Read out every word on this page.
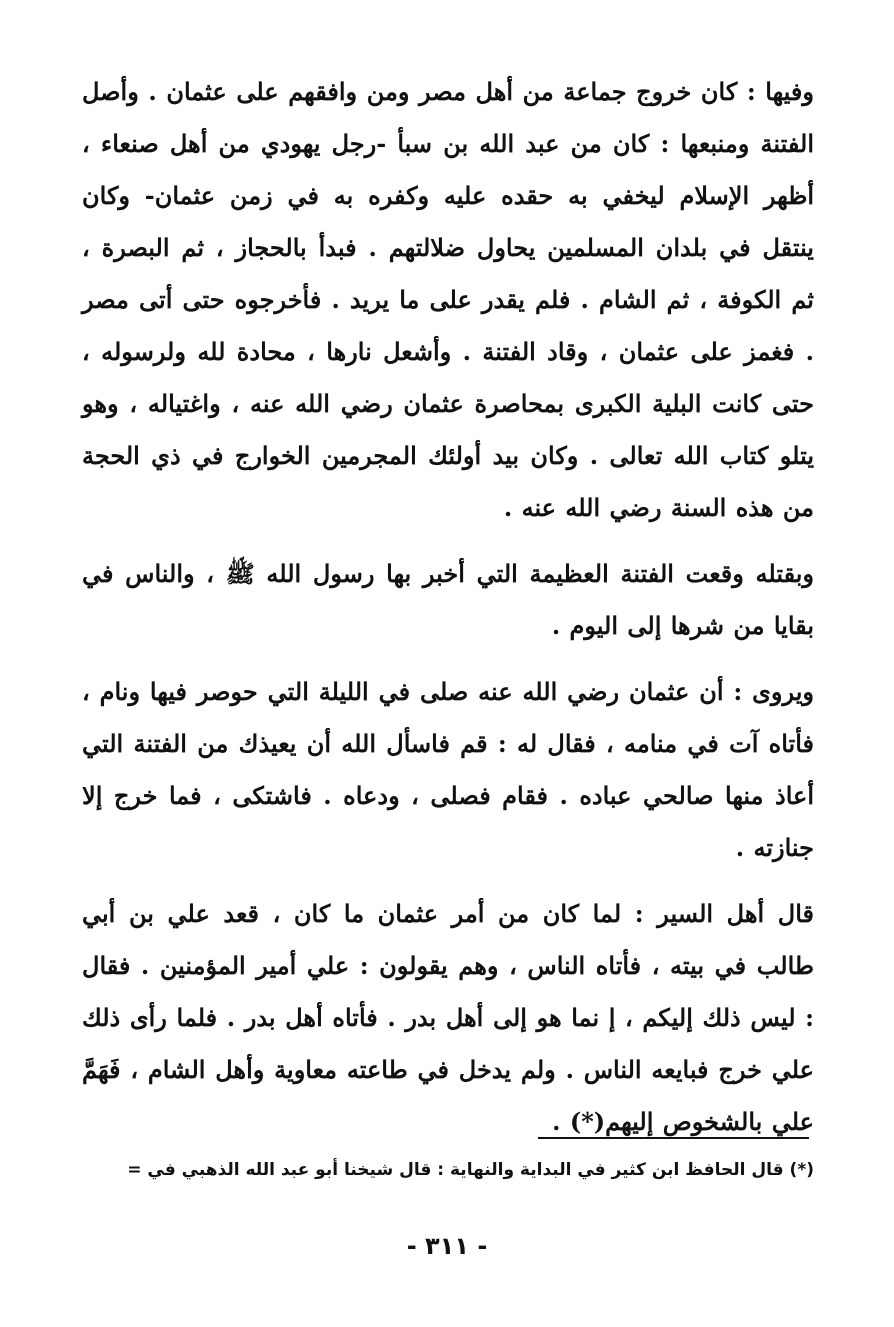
وفيها : كان خروج جماعة من أهل مصر ومن وافقهم على عثمان . وأصل الفتنة ومنبعها : كان من عبد الله بن سبأ -رجل يهودي من أهل صنعاء ، أظهر الإسلام ليخفي به حقده عليه وكفره به في زمن عثمان- وكان ينتقل في بلدان المسلمين يحاول ضلالتهم . فبدأ بالحجاز ، ثم البصرة ، ثم الكوفة ، ثم الشام . فلم يقدر على ما يريد . فأخرجوه حتى أتى مصر . فغمز على عثمان ، وقاد الفتنة . وأشعل نارها ، محادة لله ولرسوله ، حتى كانت البلية الكبرى بمحاصرة عثمان رضي الله عنه ، واغتياله ، وهو يتلو كتاب الله تعالى . وكان بيد أولئك المجرمين الخوارج في ذي الحجة من هذه السنة رضي الله عنه .

وبقتله وقعت الفتنة العظيمة التي أخبر بها رسول الله ﷺ ، والناس في بقايا من شرها إلى اليوم .

ويروى : أن عثمان رضي الله عنه صلى في الليلة التي حوصر فيها ونام ، فأتاه آت في منامه ، فقال له : قم فاسأل الله أن يعيذك من الفتنة التي أعاذ منها صالحي عباده . فقام فصلى ، ودعاه . فاشتكى ، فما خرج إلا جنازته .

قال أهل السير : لما كان من أمر عثمان ما كان ، قعد علي بن أبي طالب في بيته ، فأتاه الناس ، وهم يقولون : علي أمير المؤمنين . فقال : ليس ذلك إليكم ، إ نما هو إلى أهل بدر . فأتاه أهل بدر . فلما رأى ذلك علي خرج فبايعه الناس . ولم يدخل في طاعته معاوية وأهل الشام ، فَهَمَّ علي بالشخوص إليهم(*) .

(*) قال الحافظ ابن كثير في البداية والنهاية : قال شيخنا أبو عبد الله الذهبي في =
- ٣١١ -
